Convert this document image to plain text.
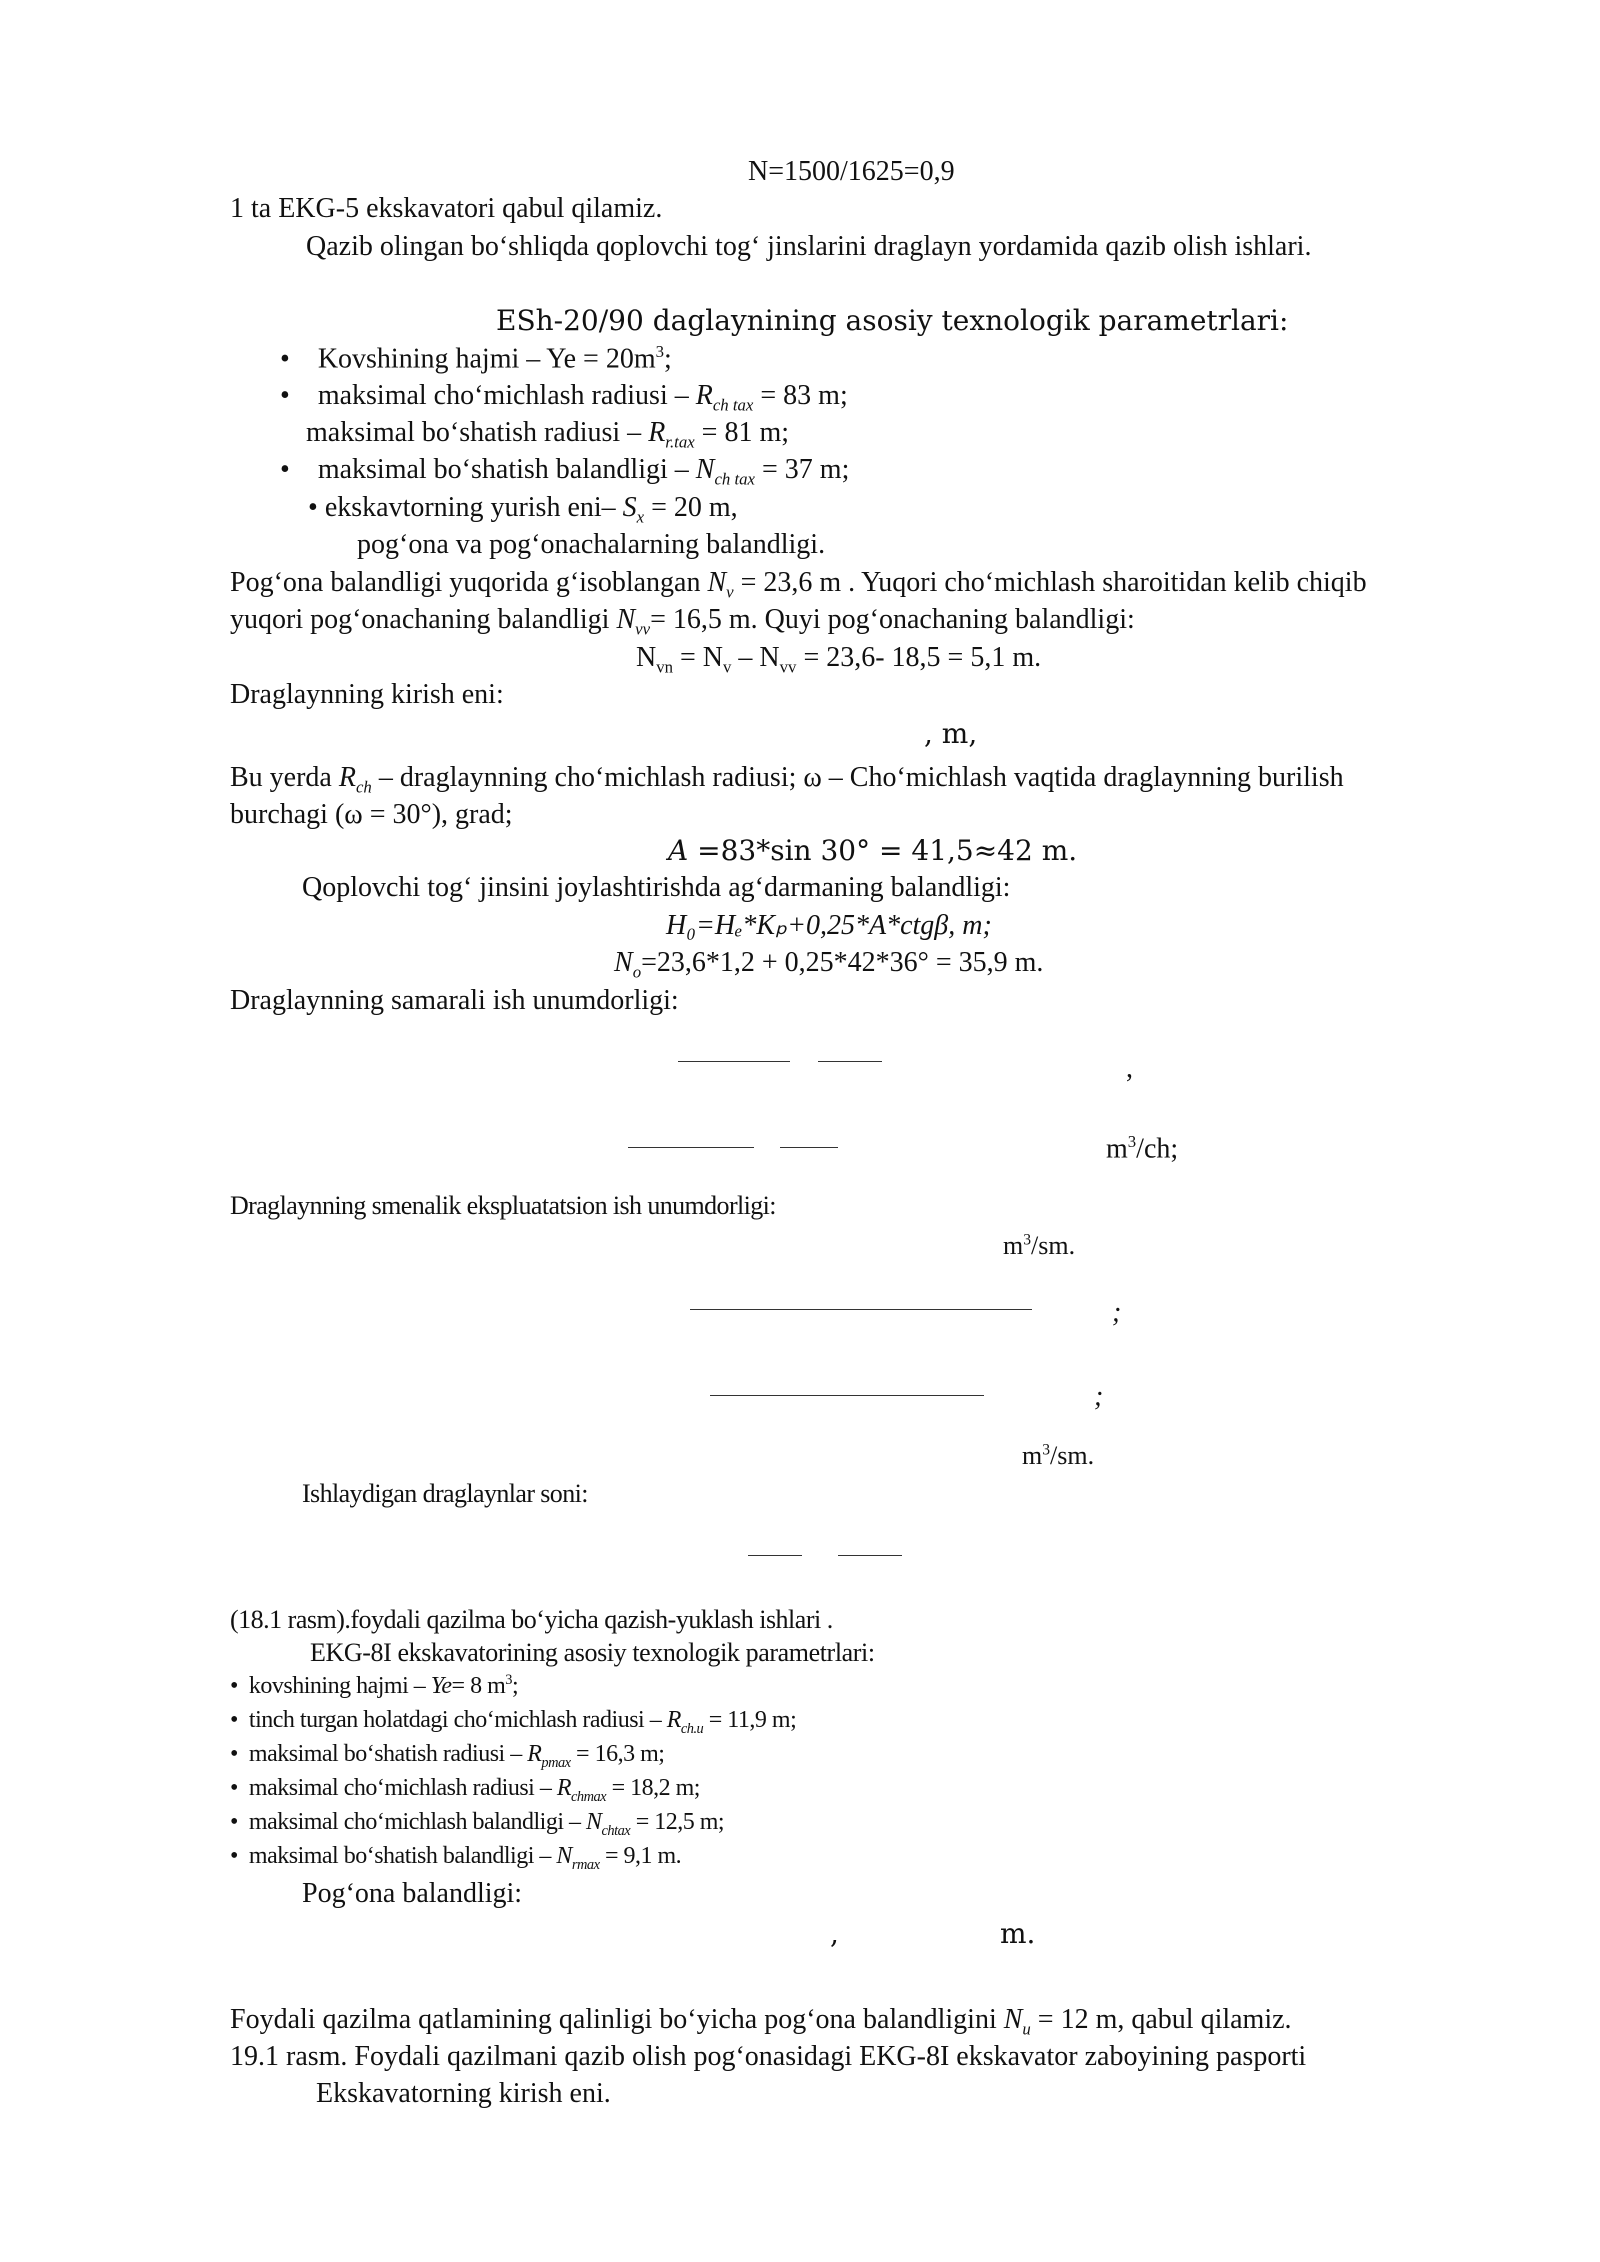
N=1500/1625=0,9
1 ta EKG-5 ekskavatori qabul qilamiz.
Qazib olingan bo‘shliqda qoplovchi tog‘ jinslarini draglayn yordamida qazib olish ishlari.
ESh-20/90 daglaynining asosiy texnologik parametrlari:
• Kovshining hajmi – $Ye = 20m^3$;
• maksimal cho‘michlash radiusi – $R_{ch tax} = 83$ m;
maksimal bo‘shatish radiusi – $R_{r.tax} = 81$ m;
• maksimal bo‘shatish balandligi – $N_{ch tax} = 37$ m;
• ekskavtorning yurish eni– $S_x = 20$ m,
pog‘ona va pog‘onachalarning balandligi.
Pog‘ona balandligi yuqorida g‘isoblangan $N_v = 23,6$ m . Yuqori cho‘michlash sharoitidan kelib chiqib
yuqori pog‘onachaning balandligi $N_{vv}= 16,5$ m. Quyi pog‘onachaning balandligi:
$N_{vn} = N_v - N_{vv} = 23,6-$ 18,5 = 5,1 m.
Draglaynning kirish eni:
, m,
Bu yerda $R_{ch}$ – draglaynning cho‘michlash radiusi; ω – Cho‘michlash vaqtida draglaynning burilish
burchagi (ω = 30°), grad;
A =83*sin 30° = 41,5≈42 m.
Qoplovchi tog‘ jinsini joylashtirishda ag‘darmaning balandligi:
H₀=Hₑ*Kₚ+0,25*A*ctgβ, m;
$N_o=23,6*1,2 + 0,25*42*36^\circ = 35,9$ m.
Draglaynning samarali ish unumdorligi:
,
$m^3/ch$;
Draglaynning smenalik ekspluatatsion ish unumdorligi:
$m^3/sm$.
;
;
$m^3/sm$.
Ishlaydigan draglaynlar soni:
(18.1 rasm).foydali qazilma bo‘yicha qazish-yuklash ishlari .
EKG-8I ekskavatorining asosiy texnologik parametrlari:
• kovshining hajmi – Ye= 8 $m^3$;
• tinch turgan holatdagi cho‘michlash radiusi – $R_{ch.u} = 11,9$ m;
• maksimal bo‘shatish radiusi – $R_{pmax} = 16,3$ m;
• maksimal cho‘michlash radiusi – $R_{chmax} = 18,2$ m;
• maksimal cho‘michlash balandligi – $N_{chtax} = 12,5$ m;
• maksimal bo‘shatish balandligi – $N_{rmax} = 9,1$ m.
Pog‘ona balandligi:
,	m.
Foydali qazilma qatlamining qalinligi bo‘yicha pog‘ona balandligini $N_u = 12$ m, qabul qilamiz.
19.1 rasm. Foydali qazilmani qazib olish pog‘onasidagi EKG-8I ekskavator zaboyining pasporti
Ekskavatorning kirish eni.
